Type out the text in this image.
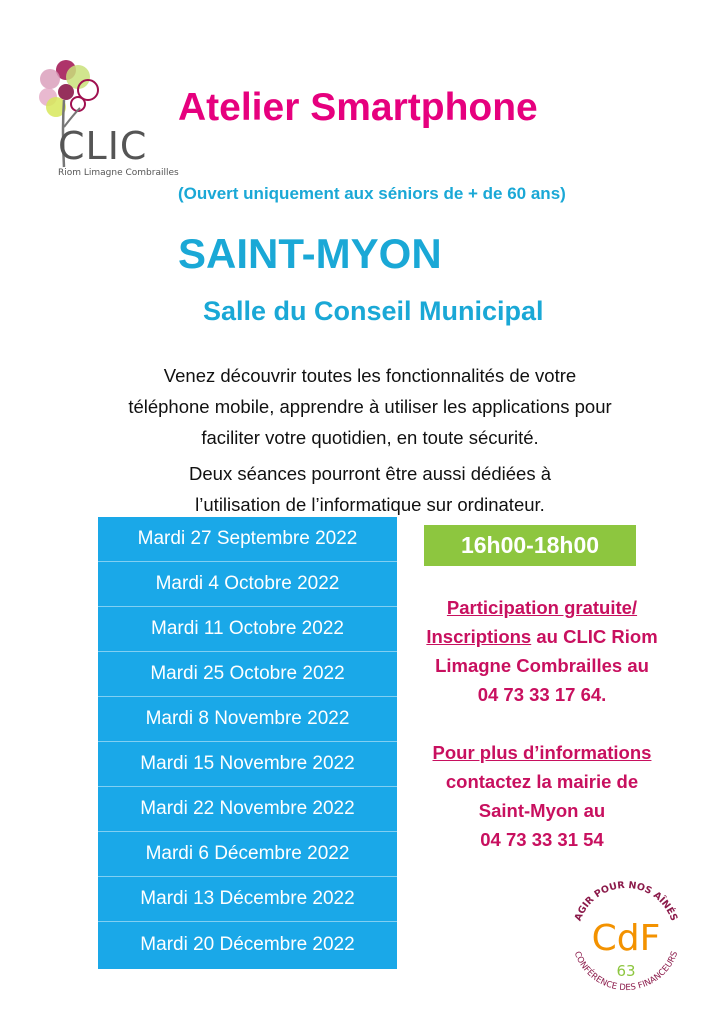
CLIC
Riom Limagne Combrailles
Atelier Smartphone
(Ouvert uniquement aux séniors de + de 60 ans)
SAINT-MYON
Salle du Conseil Municipal
Venez découvrir toutes les fonctionnalités de votre
téléphone mobile, apprendre à utiliser les applications pour
faciliter votre quotidien, en toute sécurité.
Deux séances pourront être aussi dédiées à
l’utilisation de l’informatique sur ordinateur.
Mardi 27 Septembre 2022
Mardi 4 Octobre 2022
Mardi 11 Octobre 2022
Mardi 25 Octobre 2022
Mardi 8 Novembre 2022
Mardi 15 Novembre 2022
Mardi 22 Novembre 2022
Mardi 6 Décembre 2022
Mardi 13 Décembre 2022
Mardi 20 Décembre 2022
16h00-18h00
Participation gratuite/
Inscriptions au CLIC Riom
Limagne Combrailles au
04 73 33 17 64.
Pour plus d’informations
contactez la mairie de
Saint-Myon au
04 73 33 31 54
AGIR POUR NOS AÎNÉS
CONFÉRENCE DES FINANCEURS
CdF
63
